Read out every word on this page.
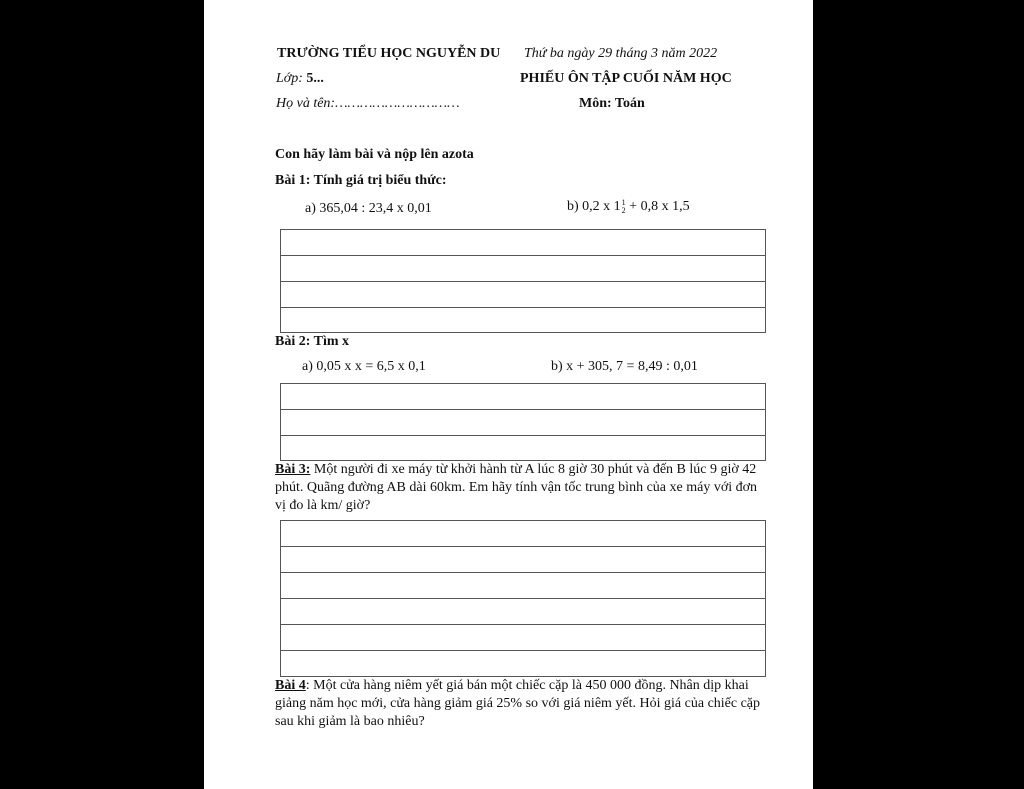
TRƯỜNG TIỂU HỌC NGUYỄN DU Thứ ba ngày 29 tháng 3 năm 2022
Lớp: 5...	PHIẾU ÔN TẬP CUỐI NĂM HỌC
Họ và tên:…………………………	Môn: Toán
Con hãy làm bài và nộp lên azota
Bài 1: Tính giá trị biểu thức:
a) 365,04 : 23,4 x 0,01	b) 0,2 x 1 1
2 + 0,8 x 1,5
Bài 2: Tìm x
a) 0,05 x x = 6,5 x 0,1	b) x + 305, 7 = 8,49 : 0,01
Bài 3: Một người đi xe máy từ khởi hành từ A lúc 8 giờ 30 phút và đến B lúc 9 giờ 42 phút. Quãng đường AB dài 60km. Em hãy tính vận tốc trung bình của xe máy với đơn vị đo là km/ giờ?
Bài 4: Một cửa hàng niêm yết giá bán một chiếc cặp là 450 000 đồng. Nhân dịp khai giảng năm học mới, cửa hàng giảm giá 25% so với giá niêm yết. Hỏi giá của chiếc cặp sau khi giảm là bao nhiêu?
